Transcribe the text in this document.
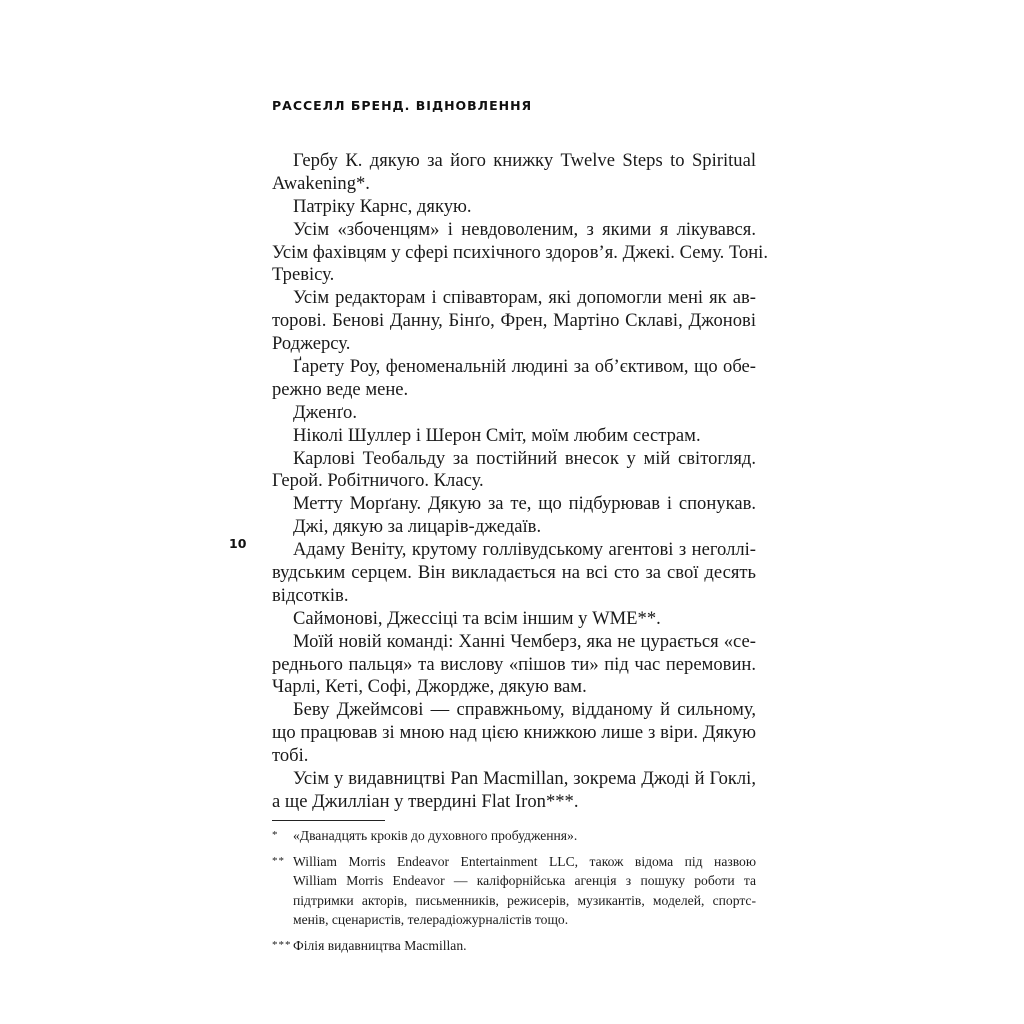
РАССЕЛЛ БРЕНД. ВІДНОВЛЕННЯ
10
Гербу К. дякую за його книжку Twelve Steps to Spiritual
Awakening*.
Патріку Карнс, дякую.
Усім «збоченцям» і невдоволеним, з якими я лікувався.
Усім фахівцям у сфері психічного здоров’я. Джекі. Сему. Тоні.
Тревісу.
Усім редакторам і співавторам, які допомогли мені як ав-
торові. Беновi Данну, Бінґо, Френ, Мартіно Склаві, Джонові
Роджерсу.
Ґарету Роу, феноменальній людині за об’єктивом, що обе-
режно веде мене.
Дженґо.
Ніколі Шуллер і Шерон Сміт, моїм любим сестрам.
Карлові Теобальду за постійний внесок у мій світогляд.
Герой. Робітничого. Класу.
Метту Морґану. Дякую за те, що підбурював і спонукав.
Джі, дякую за лицарів-джедаїв.
Адаму Веніту, крутому голлівудському агентові з неголлі-
вудським серцем. Він викладається на всі сто за свої десять
відсотків.
Саймонові, Джессіці та всім іншим у WME**.
Моїй новій команді: Ханні Чемберз, яка не цурається «се-
реднього пальця» та вислову «пішов ти» під час перемовин.
Чарлі, Кеті, Софі, Джордже, дякую вам.
Беву Джеймсові — справжньому, відданому й сильному,
що працював зі мною над цією книжкою лише з віри. Дякую
тобі.
Усім у видавництві Pan Macmillan, зокрема Джоді й Гоклі,
а ще Джилліан у твердині Flat Iron***.
* «Дванадцять кроків до духовного пробудження».
** William Morris Endeavor Entertainment LLC, також відома під назвою
William Morris Endeavor — каліфорнійська агенція з пошуку роботи та
підтримки акторів, письменників, режисерів, музикантів, моделей, спортс-
менів, сценаристів, телерадіожурналістів тощо.
*** Філія видавництва Macmillan.
